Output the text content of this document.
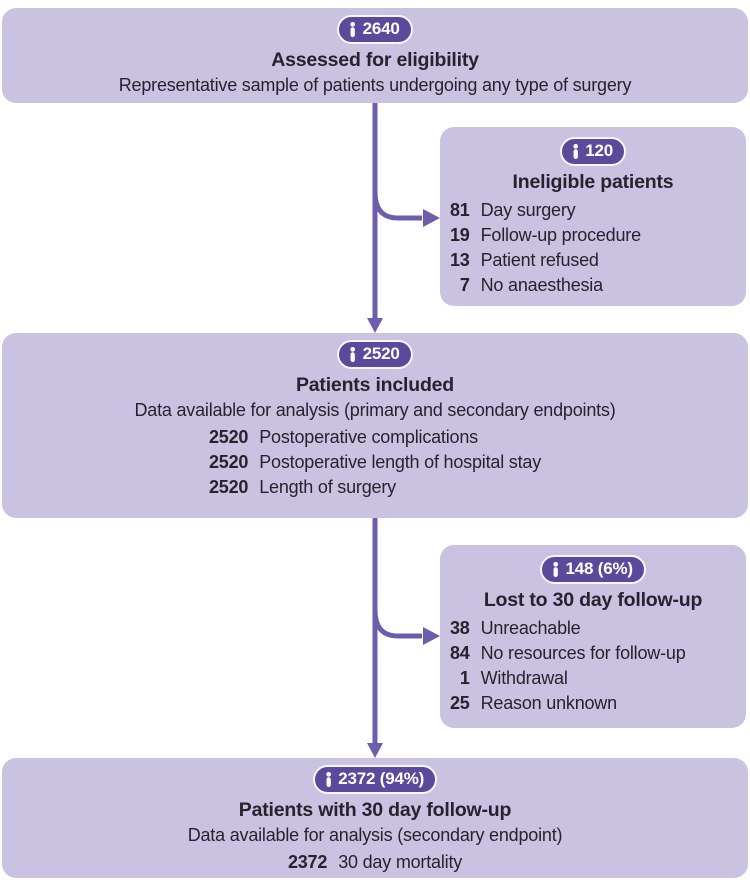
2640
Assessed for eligibility
Representative sample of patients undergoing any type of surgery
120
Ineligible patients
81 Day surgery
19 Follow-up procedure
13 Patient refused
7 No anaesthesia
2520
Patients included
Data available for analysis (primary and secondary endpoints)
2520 Postoperative complications
2520 Postoperative length of hospital stay
2520 Length of surgery
148 (6%)
Lost to 30 day follow-up
38 Unreachable
84 No resources for follow-up
1 Withdrawal
25 Reason unknown
2372 (94%)
Patients with 30 day follow-up
Data available for analysis (secondary endpoint)
2372 30 day mortality
